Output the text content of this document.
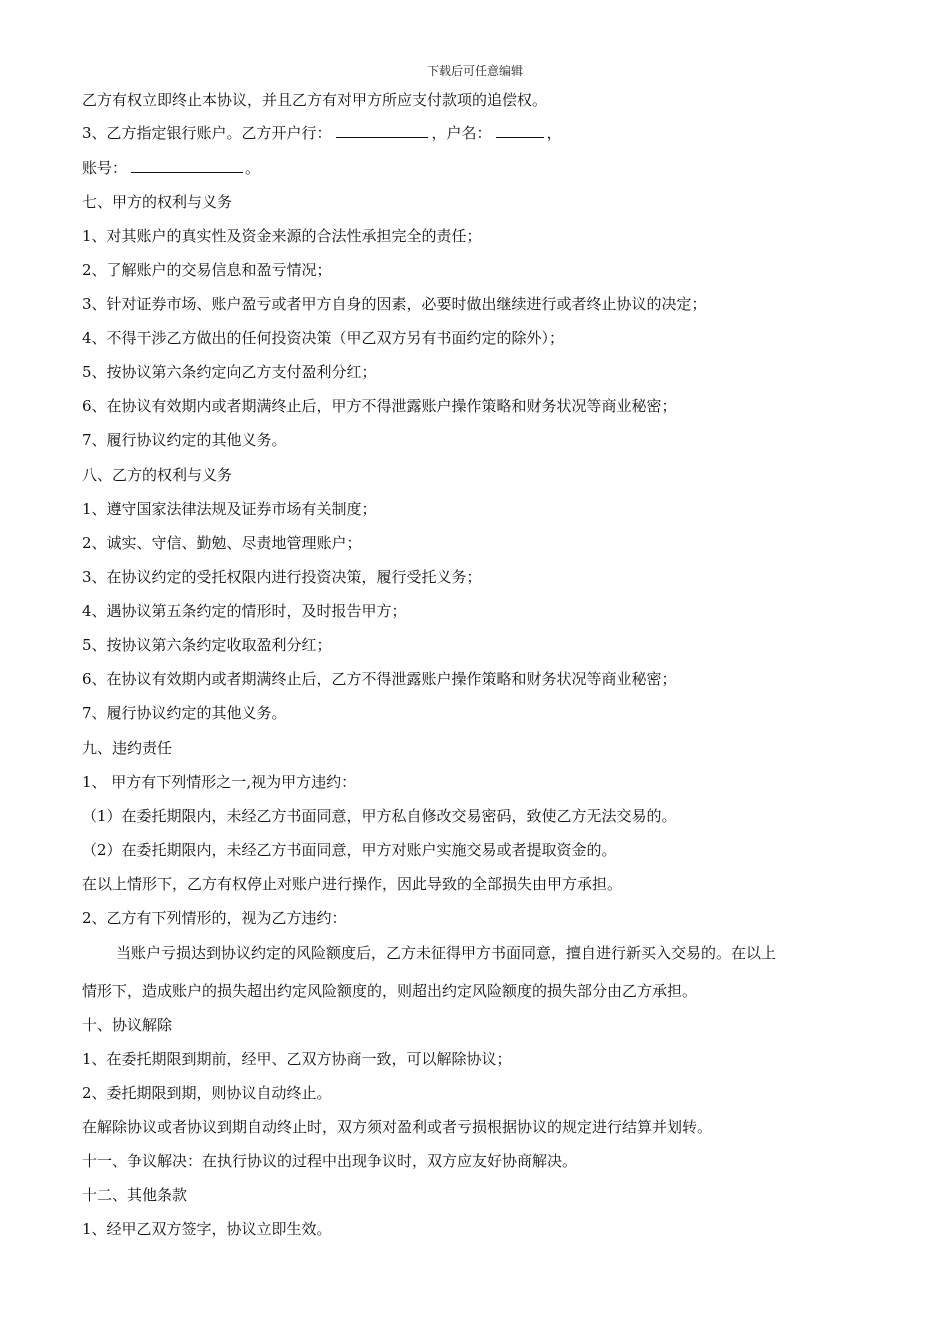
下载后可任意编辑
乙方有权立即终止本协议，并且乙方有对甲方所应支付款项的追偿权。
3、乙方指定银行账户。乙方开户行：	，户名：	，
账号：	。
七、甲方的权利与义务
1、对其账户的真实性及资金来源的合法性承担完全的责任；
2、了解账户的交易信息和盈亏情况；
3、针对证券市场、账户盈亏或者甲方自身的因素，必要时做出继续进行或者终止协议的决定；
4、不得干涉乙方做出的任何投资决策（甲乙双方另有书面约定的除外）；
5、按协议第六条约定向乙方支付盈利分红；
6、在协议有效期内或者期满终止后，甲方不得泄露账户操作策略和财务状况等商业秘密；
7、履行协议约定的其他义务。
八、乙方的权利与义务
1、遵守国家法律法规及证券市场有关制度；
2、诚实、守信、勤勉、尽责地管理账户；
3、在协议约定的受托权限内进行投资决策，履行受托义务；
4、遇协议第五条约定的情形时，及时报告甲方；
5、按协议第六条约定收取盈利分红；
6、在协议有效期内或者期满终止后，乙方不得泄露账户操作策略和财务状况等商业秘密；
7、履行协议约定的其他义务。
九、违约责任
1、 甲方有下列情形之一,视为甲方违约：
（1）在委托期限内，未经乙方书面同意，甲方私自修改交易密码，致使乙方无法交易的。
（2）在委托期限内，未经乙方书面同意，甲方对账户实施交易或者提取资金的。
在以上情形下，乙方有权停止对账户进行操作，因此导致的全部损失由甲方承担。
2、乙方有下列情形的，视为乙方违约：
当账户亏损达到协议约定的风险额度后，乙方未征得甲方书面同意，擅自进行新买入交易的。在以上
情形下，造成账户的损失超出约定风险额度的，则超出约定风险额度的损失部分由乙方承担。
十、协议解除
1、在委托期限到期前，经甲、乙双方协商一致，可以解除协议；
2、委托期限到期，则协议自动终止。
在解除协议或者协议到期自动终止时，双方须对盈利或者亏损根据协议的规定进行结算并划转。
十一、争议解决：在执行协议的过程中出现争议时，双方应友好协商解决。
十二、其他条款
1、经甲乙双方签字，协议立即生效。
